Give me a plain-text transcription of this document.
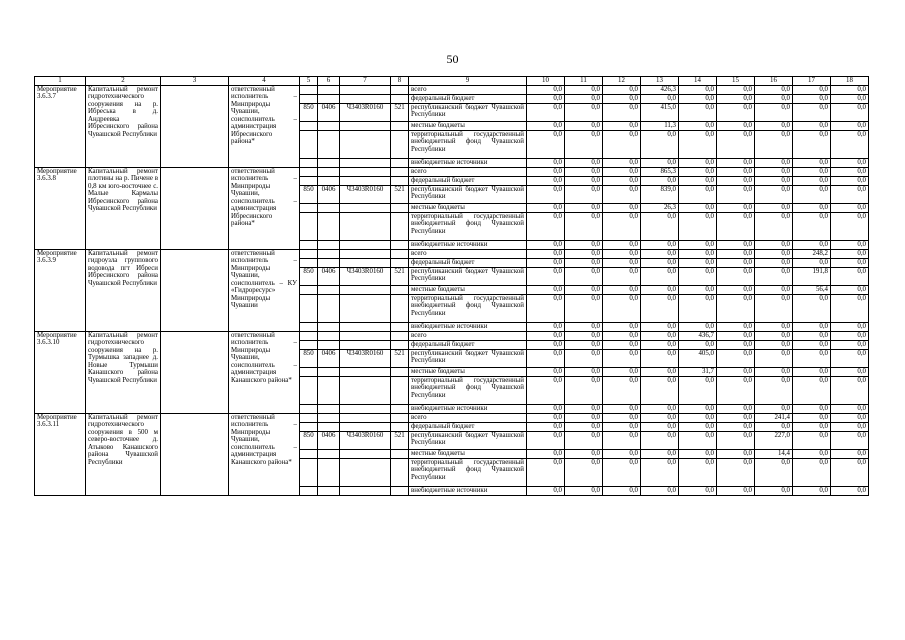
50
1	2	3	4	5	6	7	8	9	10	11	12	13	14	15	16	17	18
Мероприятие 3.6.3.7	Капитальный ремонт гидротехнического сооружения на р. Ибреська в д. Андреевка Ибресинского района Чувашской Республики		ответственный исполнитель – Минприроды Чувашии, соисполнитель – администрация Ибресинского района*					всего	0,0	0,0	0,0	426,3	0,0	0,0	0,0	0,0	0,0
								федеральный бюджет	0,0	0,0	0,0	0,0	0,0	0,0	0,0	0,0	0,0
				850	0406	Ч3403R0160	521	республиканский бюджет Чувашской Республики	0,0	0,0	0,0	415,0	0,0	0,0	0,0	0,0	0,0
								местные бюджеты	0,0	0,0	0,0	11,3	0,0	0,0	0,0	0,0	0,0
								территориальный государственный внебюджетный фонд Чувашской Республики	0,0	0,0	0,0	0,0	0,0	0,0	0,0	0,0	0,0
								внебюджетные источники	0,0	0,0	0,0	0,0	0,0	0,0	0,0	0,0	0,0
Мероприятие 3.6.3.8	Капитальный ремонт плотины на р. Пичене в 0,8 км юго-восточнее с. Малые Кармалы Ибресинского района Чувашской Республики		ответственный исполнитель – Минприроды Чувашии, соисполнитель – администрация Ибресинского района*					всего	0,0	0,0	0,0	865,3	0,0	0,0	0,0	0,0	0,0
								федеральный бюджет	0,0	0,0	0,0	0,0	0,0	0,0	0,0	0,0	0,0
				850	0406	Ч3403R0160	521	республиканский бюджет Чувашской Республики	0,0	0,0	0,0	839,0	0,0	0,0	0,0	0,0	0,0
								местные бюджеты	0,0	0,0	0,0	26,3	0,0	0,0	0,0	0,0	0,0
								территориальный государственный внебюджетный фонд Чувашской Республики	0,0	0,0	0,0	0,0	0,0	0,0	0,0	0,0	0,0
								внебюджетные источники	0,0	0,0	0,0	0,0	0,0	0,0	0,0	0,0	0,0
Мероприятие 3.6.3.9	Капитальный ремонт гидроузла группового водовода пгт Ибреси Ибресинского района Чувашской Республики		ответственный исполнитель – Минприроды Чувашии, соисполнитель – КУ «Гидроресурс» Минприроды Чувашии					всего	0,0	0,0	0,0	0,0	0,0	0,0	0,0	248,2	0,0
								федеральный бюджет	0,0	0,0	0,0	0,0	0,0	0,0	0,0	0,0	0,0
				850	0406	Ч3403R0160	521	республиканский бюджет Чувашской Республики	0,0	0,0	0,0	0,0	0,0	0,0	0,0	191,8	0,0
								местные бюджеты	0,0	0,0	0,0	0,0	0,0	0,0	0,0	56,4	0,0
								территориальный государственный внебюджетный фонд Чувашской Республики	0,0	0,0	0,0	0,0	0,0	0,0	0,0	0,0	0,0
								внебюджетные источники	0,0	0,0	0,0	0,0	0,0	0,0	0,0	0,0	0,0
Мероприятие 3.6.3.10	Капитальный ремонт гидротехнического сооружения на р. Турмышка западнее д. Новые Турмыши Канашского района Чувашской Республики		ответственный исполнитель – Минприроды Чувашии, соисполнитель – администрация Канашского района*					всего	0,0	0,0	0,0	0,0	436,7	0,0	0,0	0,0	0,0
								федеральный бюджет	0,0	0,0	0,0	0,0	0,0	0,0	0,0	0,0	0,0
				850	0406	Ч3403R0160	521	республиканский бюджет Чувашской Республики	0,0	0,0	0,0	0,0	405,0	0,0	0,0	0,0	0,0
								местные бюджеты	0,0	0,0	0,0	0,0	31,7	0,0	0,0	0,0	0,0
								территориальный государственный внебюджетный фонд Чувашской Республики	0,0	0,0	0,0	0,0	0,0	0,0	0,0	0,0	0,0
								внебюджетные источники	0,0	0,0	0,0	0,0	0,0	0,0	0,0	0,0	0,0
Мероприятие 3.6.3.11	Капитальный ремонт гидротехнического сооружения в 500 м северо-восточнее д. Атыково Канашского района Чувашской Республики		ответственный исполнитель – Минприроды Чувашии, соисполнитель – администрация Канашского района*					всего	0,0	0,0	0,0	0,0	0,0	0,0	241,4	0,0	0,0
								федеральный бюджет	0,0	0,0	0,0	0,0	0,0	0,0	0,0	0,0	0,0
				850	0406	Ч3403R0160	521	республиканский бюджет Чувашской Республики	0,0	0,0	0,0	0,0	0,0	0,0	227,0	0,0	0,0
								местные бюджеты	0,0	0,0	0,0	0,0	0,0	0,0	14,4	0,0	0,0
								территориальный государственный внебюджетный фонд Чувашской Республики	0,0	0,0	0,0	0,0	0,0	0,0	0,0	0,0	0,0
								внебюджетные источники	0,0	0,0	0,0	0,0	0,0	0,0	0,0	0,0	0,0
